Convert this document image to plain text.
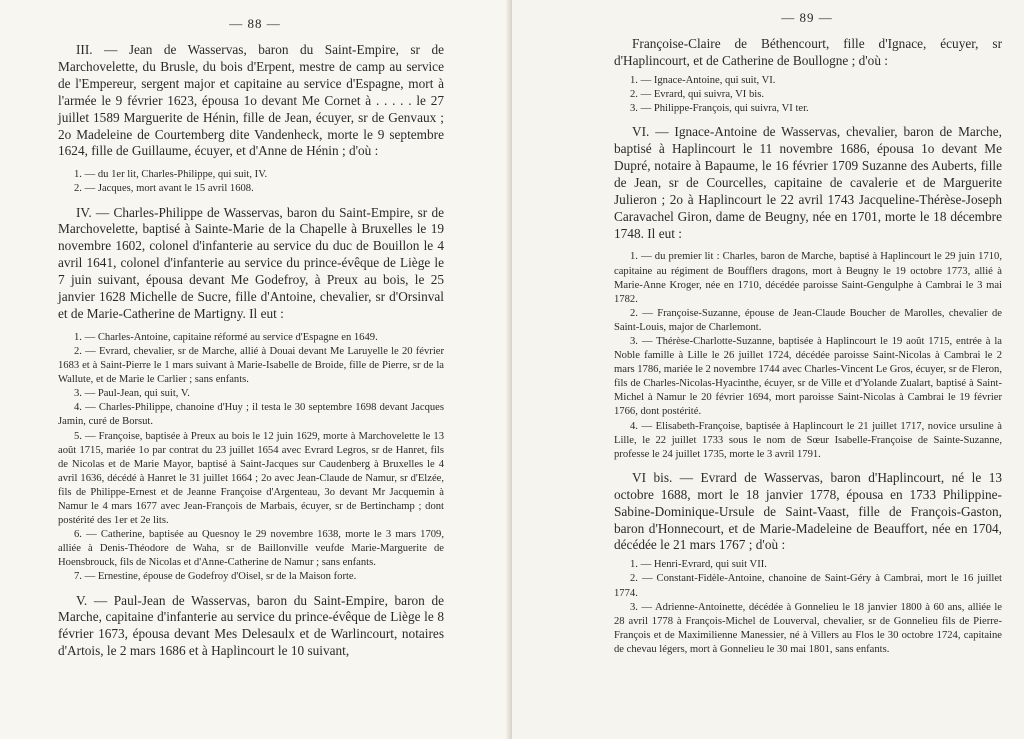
— 88 —

III. — Jean de Wasservas, baron du Saint-Empire, sr de Marchovelette, du Brusle, du bois d'Erpent, mestre de camp au service de l'Empereur, sergent major et capitaine au service d'Espagne, mort à l'armée le 9 février 1623, épousa 1o devant Me Cornet à . . . . . le 27 juillet 1589 Marguerite de Hénin, fille de Jean, écuyer, sr de Genvaux ; 2o Madeleine de Courtemberg dite Vandenheck, morte le 9 septembre 1624, fille de Guillaume, écuyer, et d'Anne de Hénin ; d'où :

1. — du 1er lit, Charles-Philippe, qui suit, IV.

2. — Jacques, mort avant le 15 avril 1608.

IV. — Charles-Philippe de Wasservas, baron du Saint-Empire, sr de Marchovelette, baptisé à Sainte-Marie de la Chapelle à Bruxelles le 19 novembre 1602, colonel d'infanterie au service du duc de Bouillon le 4 avril 1641, colonel d'infanterie au service du prince-évêque de Liège le 7 juin suivant, épousa devant Me Godefroy, à Preux au bois, le 25 janvier 1628 Michelle de Sucre, fille d'Antoine, chevalier, sr d'Orsinval et de Marie-Catherine de Martigny. Il eut :

1. — Charles-Antoine, capitaine réformé au service d'Espagne en 1649.

2. — Evrard, chevalier, sr de Marche, allié à Douai devant Me Laruyelle le 20 février 1683 et à Saint-Pierre le 1 mars suivant à Marie-Isabelle de Broide, fille de Pierre, sr de la Wallute, et de Marie le Carlier ; sans enfants.

3. — Paul-Jean, qui suit, V.

4. — Charles-Philippe, chanoine d'Huy ; il testa le 30 septembre 1698 devant Jacques Jamin, curé de Borsut.

5. — Françoise, baptisée à Preux au bois le 12 juin 1629, morte à Marchovelette le 13 août 1715, mariée 1o par contrat du 23 juillet 1654 avec Evrard Legros, sr de Hanret, fils de Nicolas et de Marie Mayor, baptisé à Saint-Jacques sur Caudenberg à Bruxelles le 4 avril 1636, décédé à Hanret le 31 juillet 1664 ; 2o avec Jean-Claude de Namur, sr d'Elzée, fils de Philippe-Ernest et de Jeanne Françoise d'Argenteau, 3o devant Mr Jacquemin à Namur le 4 mars 1677 avec Jean-François de Marbais, écuyer, sr de Bertinchamp ; dont postérité des 1er et 2e lits.

6. — Catherine, baptisée au Quesnoy le 29 novembre 1638, morte le 3 mars 1709, alliée à Denis-Théodore de Waha, sr de Baillonville veufde Marie-Marguerite de Hoensbrouck, fils de Nicolas et d'Anne-Catherine de Namur ; sans enfants.

7. — Ernestine, épouse de Godefroy d'Oisel, sr de la Maison forte.

V. — Paul-Jean de Wasservas, baron du Saint-Empire, baron de Marche, capitaine d'infanterie au service du prince-évêque de Liège le 8 février 1673, épousa devant Mes Delesaulx et de Warlincourt, notaires d'Artois, le 2 mars 1686 et à Haplincourt le 10 suivant,

— 89 —

Françoise-Claire de Béthencourt, fille d'Ignace, écuyer, sr d'Haplincourt, et de Catherine de Boullogne ; d'où :

1. — Ignace-Antoine, qui suit, VI.

2. — Evrard, qui suivra, VI bis.

3. — Philippe-François, qui suivra, VI ter.

VI. — Ignace-Antoine de Wasservas, chevalier, baron de Marche, baptisé à Haplincourt le 11 novembre 1686, épousa 1o devant Me Dupré, notaire à Bapaume, le 16 février 1709 Suzanne des Auberts, fille de Jean, sr de Courcelles, capitaine de cavalerie et de Marguerite Julieron ; 2o à Haplincourt le 22 avril 1743 Jacqueline-Thérèse-Joseph Caravachel Giron, dame de Beugny, née en 1701, morte le 18 décembre 1748. Il eut :

1. — du premier lit : Charles, baron de Marche, baptisé à Haplincourt le 29 juin 1710, capitaine au régiment de Boufflers dragons, mort à Beugny le 19 octobre 1773, allié à Marie-Anne Kroger, née en 1710, décédée paroisse Saint-Gengulphe à Cambrai le 3 mai 1782.

2. — Françoise-Suzanne, épouse de Jean-Claude Boucher de Marolles, chevalier de Saint-Louis, major de Charlemont.

3. — Thérèse-Charlotte-Suzanne, baptisée à Haplincourt le 19 août 1715, entrée à la Noble famille à Lille le 26 juillet 1724, décédée paroisse Saint-Nicolas à Cambrai le 2 mars 1786, mariée le 2 novembre 1744 avec Charles-Vincent Le Gros, écuyer, sr de Fleron, fils de Charles-Nicolas-Hyacinthe, écuyer, sr de Ville et d'Yolande Zualart, baptisé à Saint-Michel à Namur le 20 février 1694, mort paroisse Saint-Nicolas à Cambrai le 19 février 1766, dont postérité.

4. — Elisabeth-Françoise, baptisée à Haplincourt le 21 juillet 1717, novice ursuline à Lille, le 22 juillet 1733 sous le nom de Sœur Isabelle-Françoise de Sainte-Suzanne, professe le 24 juillet 1735, morte le 3 avril 1791.

VI bis. — Evrard de Wasservas, baron d'Haplincourt, né le 13 octobre 1688, mort le 18 janvier 1778, épousa en 1733 Philippine-Sabine-Dominique-Ursule de Saint-Vaast, fille de François-Gaston, baron d'Honnecourt, et de Marie-Madeleine de Beauffort, née en 1704, décédée le 21 mars 1767 ; d'où :

1. — Henri-Evrard, qui suit VII.

2. — Constant-Fidèle-Antoine, chanoine de Saint-Géry à Cambrai, mort le 16 juillet 1774.

3. — Adrienne-Antoinette, décédée à Gonnelieu le 18 janvier 1800 à 60 ans, alliée le 28 avril 1778 à François-Michel de Louverval, chevalier, sr de Gonnelieu fils de Pierre-François et de Maximilienne Manessier, né à Villers au Flos le 30 octobre 1724, capitaine de chevau légers, mort à Gonnelieu le 30 mai 1801, sans enfants.
